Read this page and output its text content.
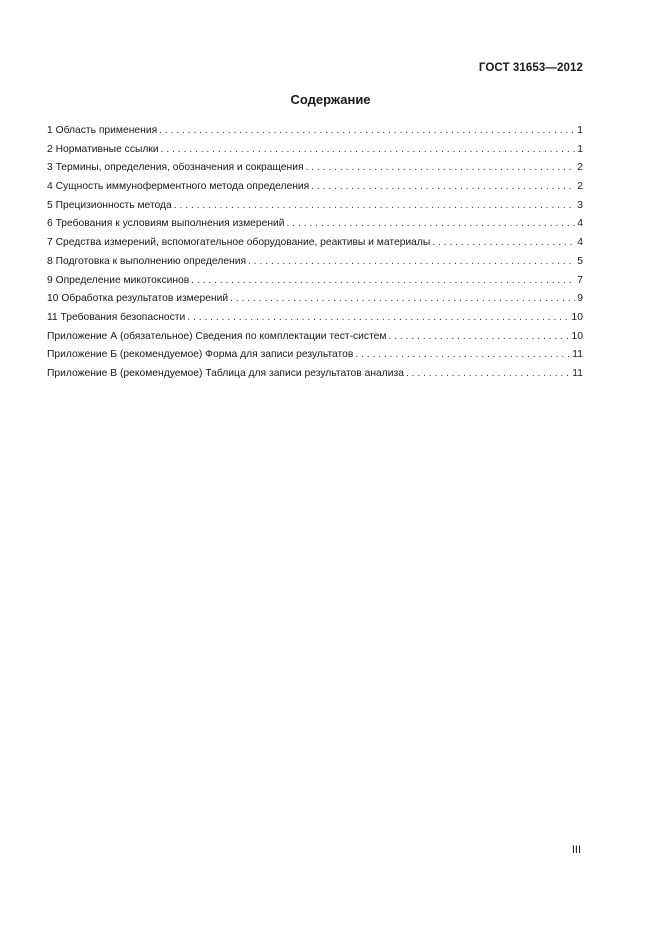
ГОСТ 31653—2012
Содержание
1 Область применения . . .	1
2 Нормативные ссылки . . .	1
3 Термины, определения, обозначения и сокращения . . .	2
4 Сущность иммуноферментного метода определения . . .	2
5 Прецизионность метода . . .	3
6 Требования к условиям выполнения измерений . . .	4
7 Средства измерений, вспомогательное оборудование, реактивы и материалы . . .	4
8 Подготовка к выполнению определения . . .	5
9 Определение микотоксинов . . .	7
10 Обработка результатов измерений . . .	9
11 Требования безопасности . . .	10
Приложение А (обязательное) Сведения по комплектации тест-систем . . .	10
Приложение Б (рекомендуемое) Форма для записи результатов . . .	11
Приложение В (рекомендуемое) Таблица для записи результатов анализа . . .	11
III
